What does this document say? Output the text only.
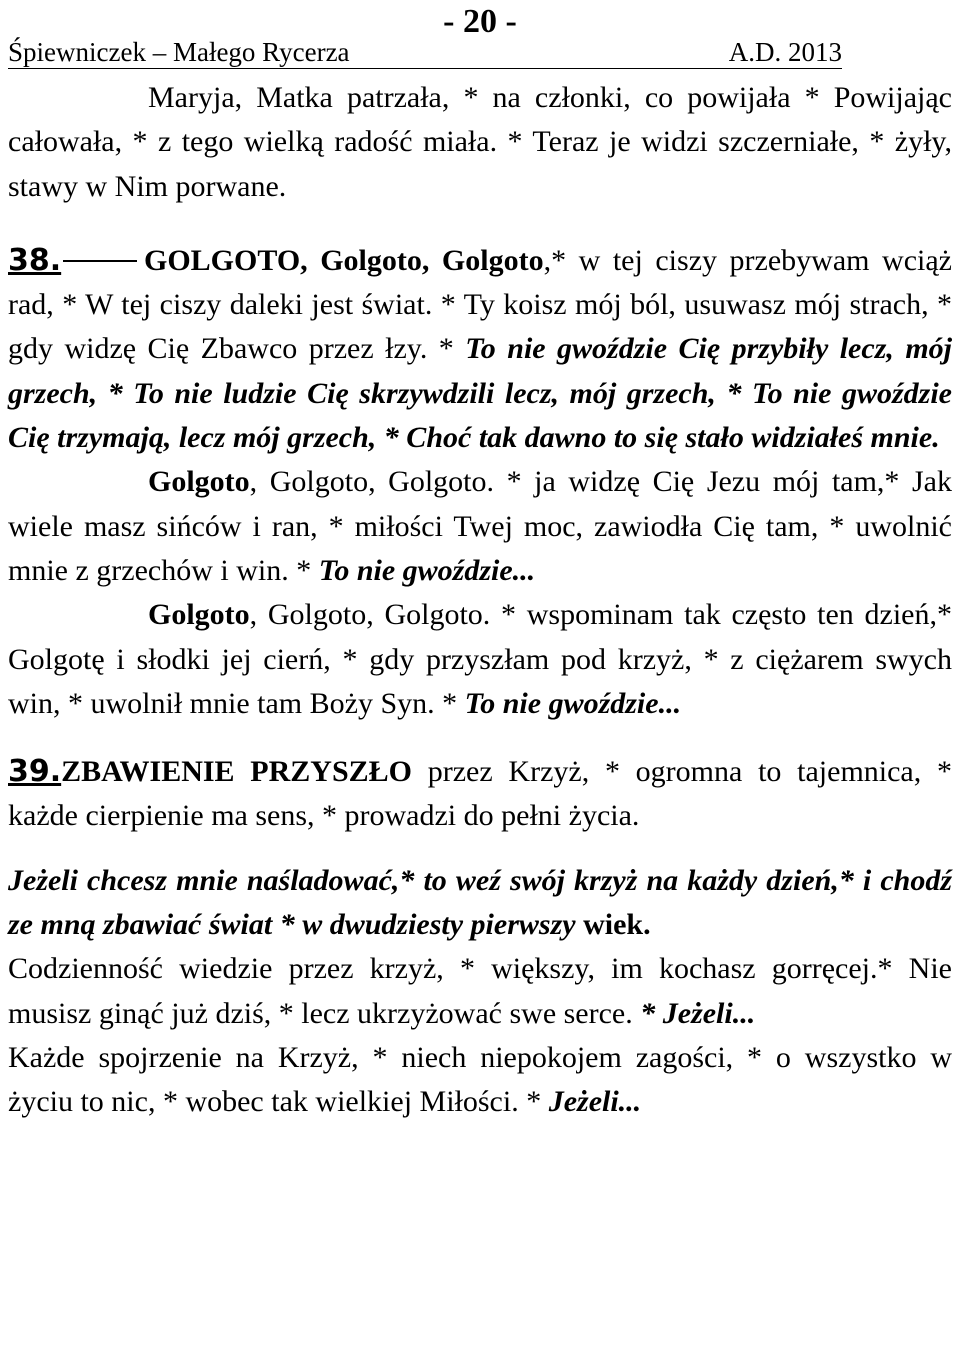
- 20 -
Śpiewniczek – Małego Rycerza	A.D. 2013

Maryja, Matka patrzała, * na członki, co powijała * Powijając całowała, * z tego wielką radość miała. * Teraz je widzi szczerniałe, * żyły, stawy w Nim porwane.

38.	GOLGOTO, Golgoto, Golgoto,* w tej ciszy przebywam wciąż rad, * W tej ciszy daleki jest świat. * Ty koisz mój ból, usuwasz mój strach, * gdy widzę Cię Zbawco przez łzy. * To nie gwoździe Cię przybiły lecz, mój grzech, * To nie ludzie Cię skrzywdzili lecz, mój grzech, * To nie gwoździe Cię trzymają, lecz mój grzech, * Choć tak dawno to się stało widziałeś mnie.

Golgoto, Golgoto, Golgoto. * ja widzę Cię Jezu mój tam,* Jak wiele masz sińców i ran, * miłości Twej moc, zawiodła Cię tam, * uwolnić mnie z grzechów i win. * To nie gwoździe...

Golgoto, Golgoto, Golgoto. * wspominam tak często ten dzień,* Golgotę i słodki jej cierń, * gdy przyszłam pod krzyż, * z ciężarem swych win, * uwolnił mnie tam Boży Syn. * To nie gwoździe...

39.ZBAWIENIE PRZYSZŁO przez Krzyż, * ogromna to tajemnica, * każde cierpienie ma sens, * prowadzi do pełni życia.

Jeżeli chcesz mnie naśladować,* to weź swój krzyż na każdy dzień,* i chodź ze mną zbawiać świat * w dwudziesty pierwszy wiek.

Codzienność wiedzie przez krzyż, * większy, im kochasz gorręcej.* Nie musisz ginąć już dziś, * lecz ukrzyżować swe serce. * Jeżeli...

Każde spojrzenie na Krzyż, * niech niepokojem zagości, * o wszystko w życiu to nic, * wobec tak wielkiej Miłości. * Jeżeli...
